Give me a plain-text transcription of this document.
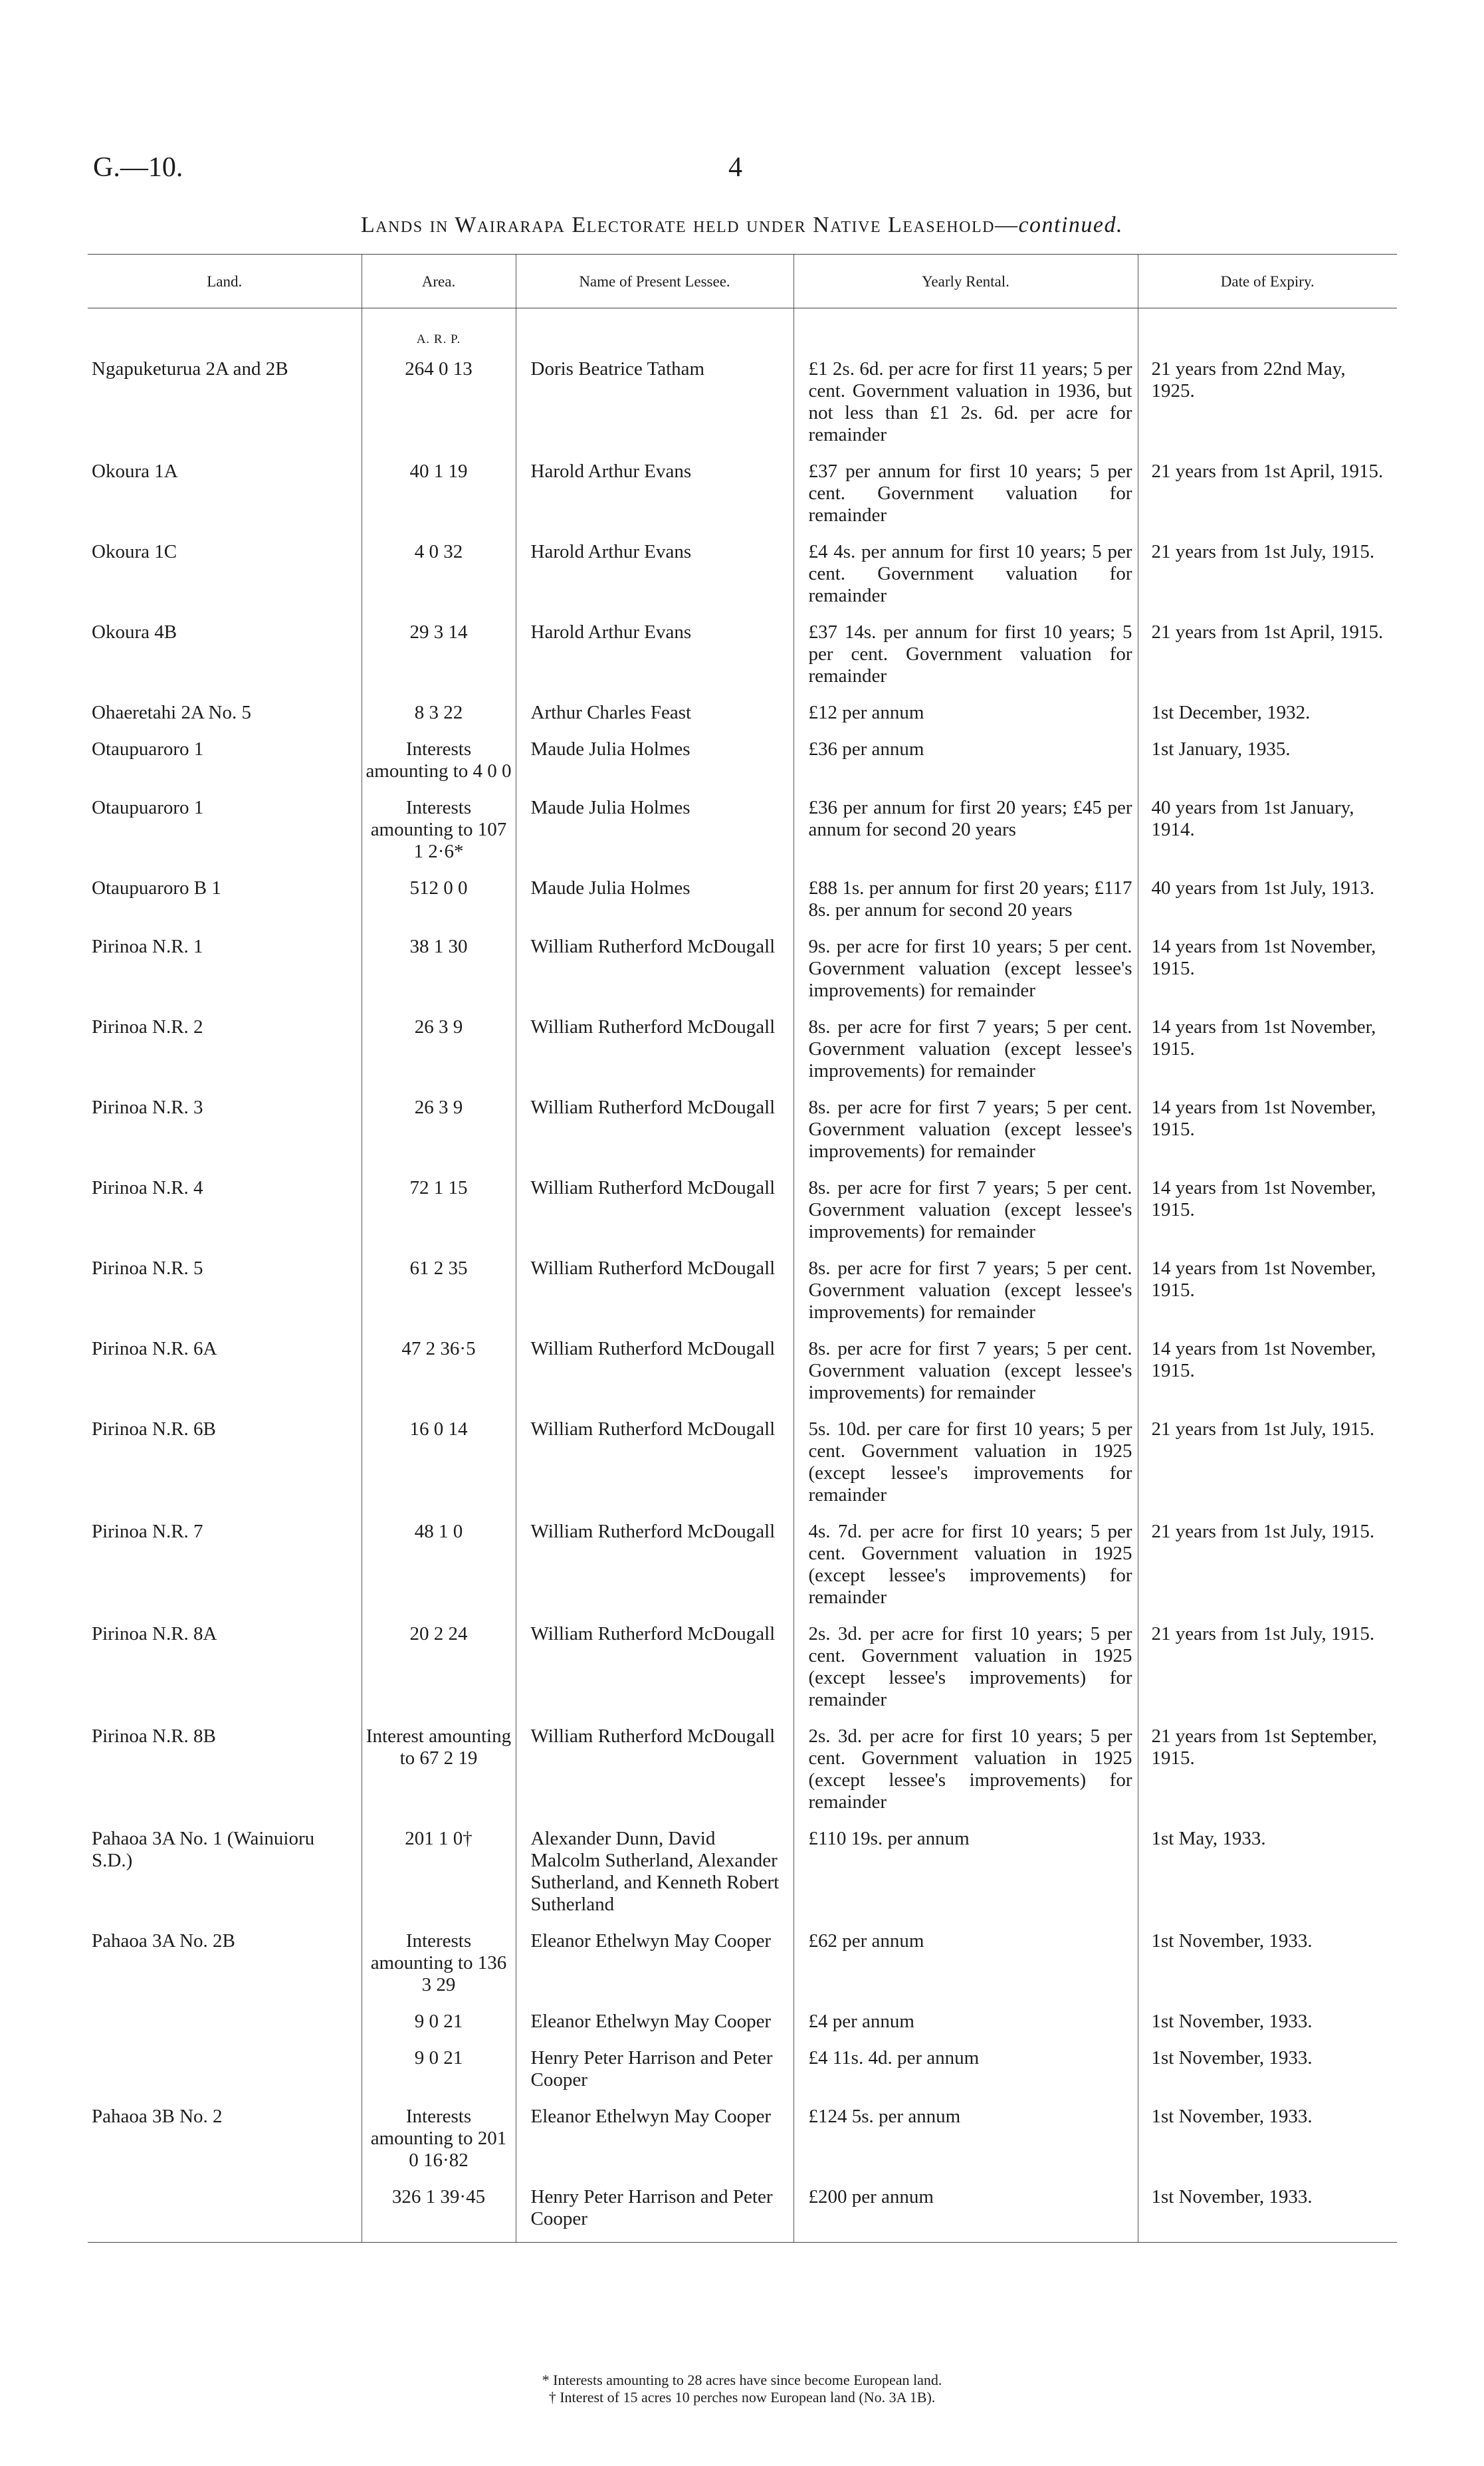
G.—10.	4
Lands in Wairarapa Electorate held under Native Leasehold—continued.
Land.	Area.	Name of Present Lessee.	Yearly Rental.	Date of Expiry.
	A. R. P.			
Ngapuketurua 2A and 2B	264 0 13	Doris Beatrice Tatham	£1 2s. 6d. per acre for first 11 years; 5 per cent. Government valuation in 1936, but not less than £1 2s. 6d. per acre for remainder	21 years from 22nd May, 1925.
Okoura 1A	40 1 19	Harold Arthur Evans	£37 per annum for first 10 years; 5 per cent. Government valuation for remainder	21 years from 1st April, 1915.
Okoura 1C	4 0 32	Harold Arthur Evans	£4 4s. per annum for first 10 years; 5 per cent. Government valuation for remainder	21 years from 1st July, 1915.
Okoura 4B	29 3 14	Harold Arthur Evans	£37 14s. per annum for first 10 years; 5 per cent. Government valuation for remainder	21 years from 1st April, 1915.
Ohaeretahi 2A No. 5	8 3 22	Arthur Charles Feast	£12 per annum	1st December, 1932.
Otaupuaroro 1	Interests amounting to 4 0 0	Maude Julia Holmes	£36 per annum	1st January, 1935.
Otaupuaroro 1	Interests amounting to 107 1 2·6*	Maude Julia Holmes	£36 per annum for first 20 years; £45 per annum for second 20 years	40 years from 1st January, 1914.
Otaupuaroro B 1	512 0 0	Maude Julia Holmes	£88 1s. per annum for first 20 years; £117 8s. per annum for second 20 years	40 years from 1st July, 1913.
Pirinoa N.R. 1	38 1 30	William Rutherford McDougall	9s. per acre for first 10 years; 5 per cent. Government valuation (except lessee's improvements) for remainder	14 years from 1st November, 1915.
Pirinoa N.R. 2	26 3 9	William Rutherford McDougall	8s. per acre for first 7 years; 5 per cent. Government valuation (except lessee's improvements) for remainder	14 years from 1st November, 1915.
Pirinoa N.R. 3	26 3 9	William Rutherford McDougall	8s. per acre for first 7 years; 5 per cent. Government valuation (except lessee's improvements) for remainder	14 years from 1st November, 1915.
Pirinoa N.R. 4	72 1 15	William Rutherford McDougall	8s. per acre for first 7 years; 5 per cent. Government valuation (except lessee's improvements) for remainder	14 years from 1st November, 1915.
Pirinoa N.R. 5	61 2 35	William Rutherford McDougall	8s. per acre for first 7 years; 5 per cent. Government valuation (except lessee's improvements) for remainder	14 years from 1st November, 1915.
Pirinoa N.R. 6A	47 2 36·5	William Rutherford McDougall	8s. per acre for first 7 years; 5 per cent. Government valuation (except lessee's improvements) for remainder	14 years from 1st November, 1915.
Pirinoa N.R. 6B	16 0 14	William Rutherford McDougall	5s. 10d. per care for first 10 years; 5 per cent. Government valuation in 1925 (except lessee's improvements for remainder	21 years from 1st July, 1915.
Pirinoa N.R. 7	48 1 0	William Rutherford McDougall	4s. 7d. per acre for first 10 years; 5 per cent. Government valuation in 1925 (except lessee's improvements) for remainder	21 years from 1st July, 1915.
Pirinoa N.R. 8A	20 2 24	William Rutherford McDougall	2s. 3d. per acre for first 10 years; 5 per cent. Government valuation in 1925 (except lessee's improvements) for remainder	21 years from 1st July, 1915.
Pirinoa N.R. 8B	Interest amounting to 67 2 19	William Rutherford McDougall	2s. 3d. per acre for first 10 years; 5 per cent. Government valuation in 1925 (except lessee's improvements) for remainder	21 years from 1st September, 1915.
Pahaoa 3A No. 1 (Wainuioru S.D.)	201 1 0†	Alexander Dunn, David Malcolm Sutherland, Alexander Sutherland, and Kenneth Robert Sutherland	£110 19s. per annum	1st May, 1933.
Pahaoa 3A No. 2B	Interests amounting to 136 3 29	Eleanor Ethelwyn May Cooper	£62 per annum	1st November, 1933.
	9 0 21	Eleanor Ethelwyn May Cooper	£4 per annum	1st November, 1933.
	9 0 21	Henry Peter Harrison and Peter Cooper	£4 11s. 4d. per annum	1st November, 1933.
Pahaoa 3B No. 2	Interests amounting to 201 0 16·82	Eleanor Ethelwyn May Cooper	£124 5s. per annum	1st November, 1933.
	326 1 39·45	Henry Peter Harrison and Peter Cooper	£200 per annum	1st November, 1933.
* Interests amounting to 28 acres have since become European land.
† Interest of 15 acres 10 perches now European land (No. 3A 1B).
